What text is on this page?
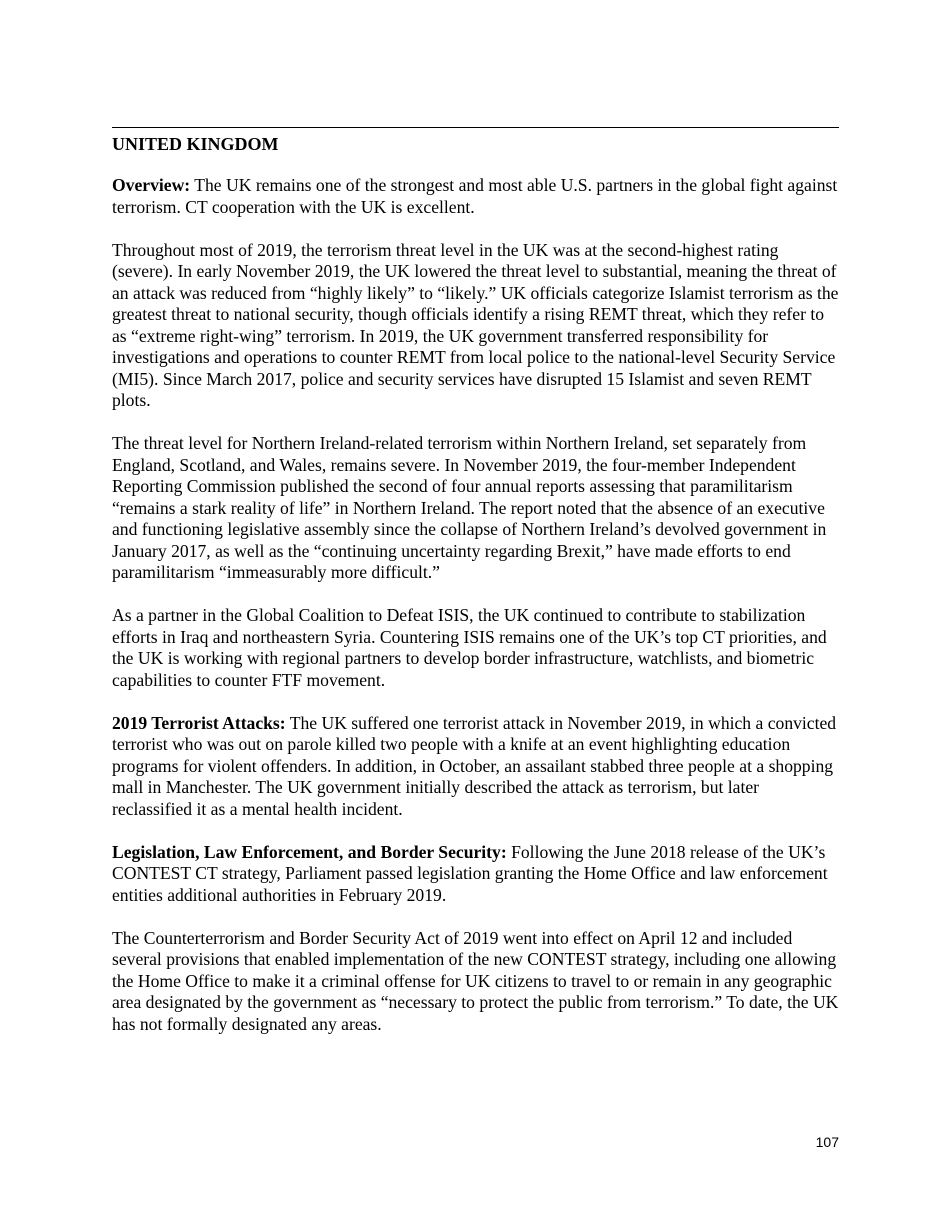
UNITED KINGDOM

Overview: The UK remains one of the strongest and most able U.S. partners in the global fight against terrorism. CT cooperation with the UK is excellent.

Throughout most of 2019, the terrorism threat level in the UK was at the second-highest rating (severe). In early November 2019, the UK lowered the threat level to substantial, meaning the threat of an attack was reduced from “highly likely” to “likely.” UK officials categorize Islamist terrorism as the greatest threat to national security, though officials identify a rising REMT threat, which they refer to as “extreme right-wing” terrorism. In 2019, the UK government transferred responsibility for investigations and operations to counter REMT from local police to the national-level Security Service (MI5). Since March 2017, police and security services have disrupted 15 Islamist and seven REMT plots.

The threat level for Northern Ireland-related terrorism within Northern Ireland, set separately from England, Scotland, and Wales, remains severe. In November 2019, the four-member Independent Reporting Commission published the second of four annual reports assessing that paramilitarism “remains a stark reality of life” in Northern Ireland. The report noted that the absence of an executive and functioning legislative assembly since the collapse of Northern Ireland’s devolved government in January 2017, as well as the “continuing uncertainty regarding Brexit,” have made efforts to end paramilitarism “immeasurably more difficult.”

As a partner in the Global Coalition to Defeat ISIS, the UK continued to contribute to stabilization efforts in Iraq and northeastern Syria. Countering ISIS remains one of the UK’s top CT priorities, and the UK is working with regional partners to develop border infrastructure, watchlists, and biometric capabilities to counter FTF movement.

2019 Terrorist Attacks: The UK suffered one terrorist attack in November 2019, in which a convicted terrorist who was out on parole killed two people with a knife at an event highlighting education programs for violent offenders. In addition, in October, an assailant stabbed three people at a shopping mall in Manchester. The UK government initially described the attack as terrorism, but later reclassified it as a mental health incident.

Legislation, Law Enforcement, and Border Security: Following the June 2018 release of the UK’s CONTEST CT strategy, Parliament passed legislation granting the Home Office and law enforcement entities additional authorities in February 2019.

The Counterterrorism and Border Security Act of 2019 went into effect on April 12 and included several provisions that enabled implementation of the new CONTEST strategy, including one allowing the Home Office to make it a criminal offense for UK citizens to travel to or remain in any geographic area designated by the government as “necessary to protect the public from terrorism.” To date, the UK has not formally designated any areas.

107
